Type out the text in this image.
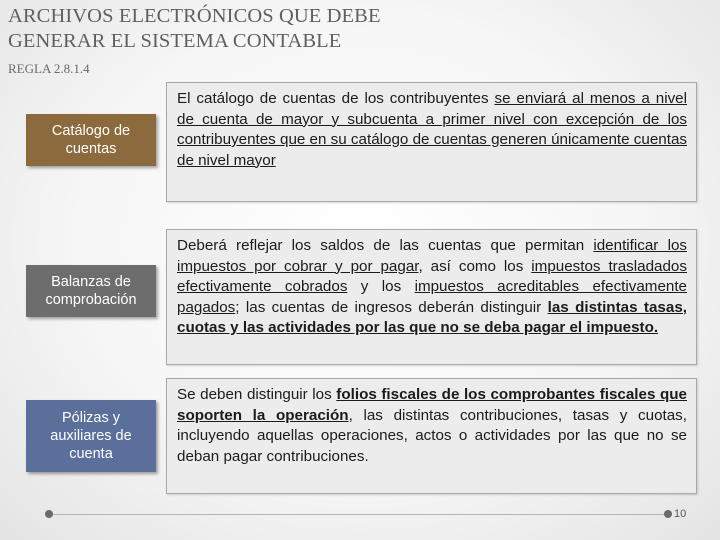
ARCHIVOS ELECTRÓNICOS QUE DEBE
GENERAR EL SISTEMA CONTABLE
REGLA 2.8.1.4
Catálogo de cuentas
El catálogo de cuentas de los contribuyentes se enviará al menos a nivel de cuenta de mayor y subcuenta a primer nivel con excepción de los contribuyentes que en su catálogo de cuentas generen únicamente cuentas de nivel mayor
Balanzas de comprobación
Deberá reflejar los saldos de las cuentas que permitan identificar los impuestos por cobrar y por pagar, así como los impuestos trasladados efectivamente cobrados y los impuestos acreditables efectivamente pagados; las cuentas de ingresos deberán distinguir las distintas tasas, cuotas y las actividades por las que no se deba pagar el impuesto.
Pólizas y auxiliares de cuenta
Se deben distinguir los folios fiscales de los comprobantes fiscales que soporten la operación, las distintas contribuciones, tasas y cuotas, incluyendo aquellas operaciones, actos o actividades por las que no se deban pagar contribuciones.
10
